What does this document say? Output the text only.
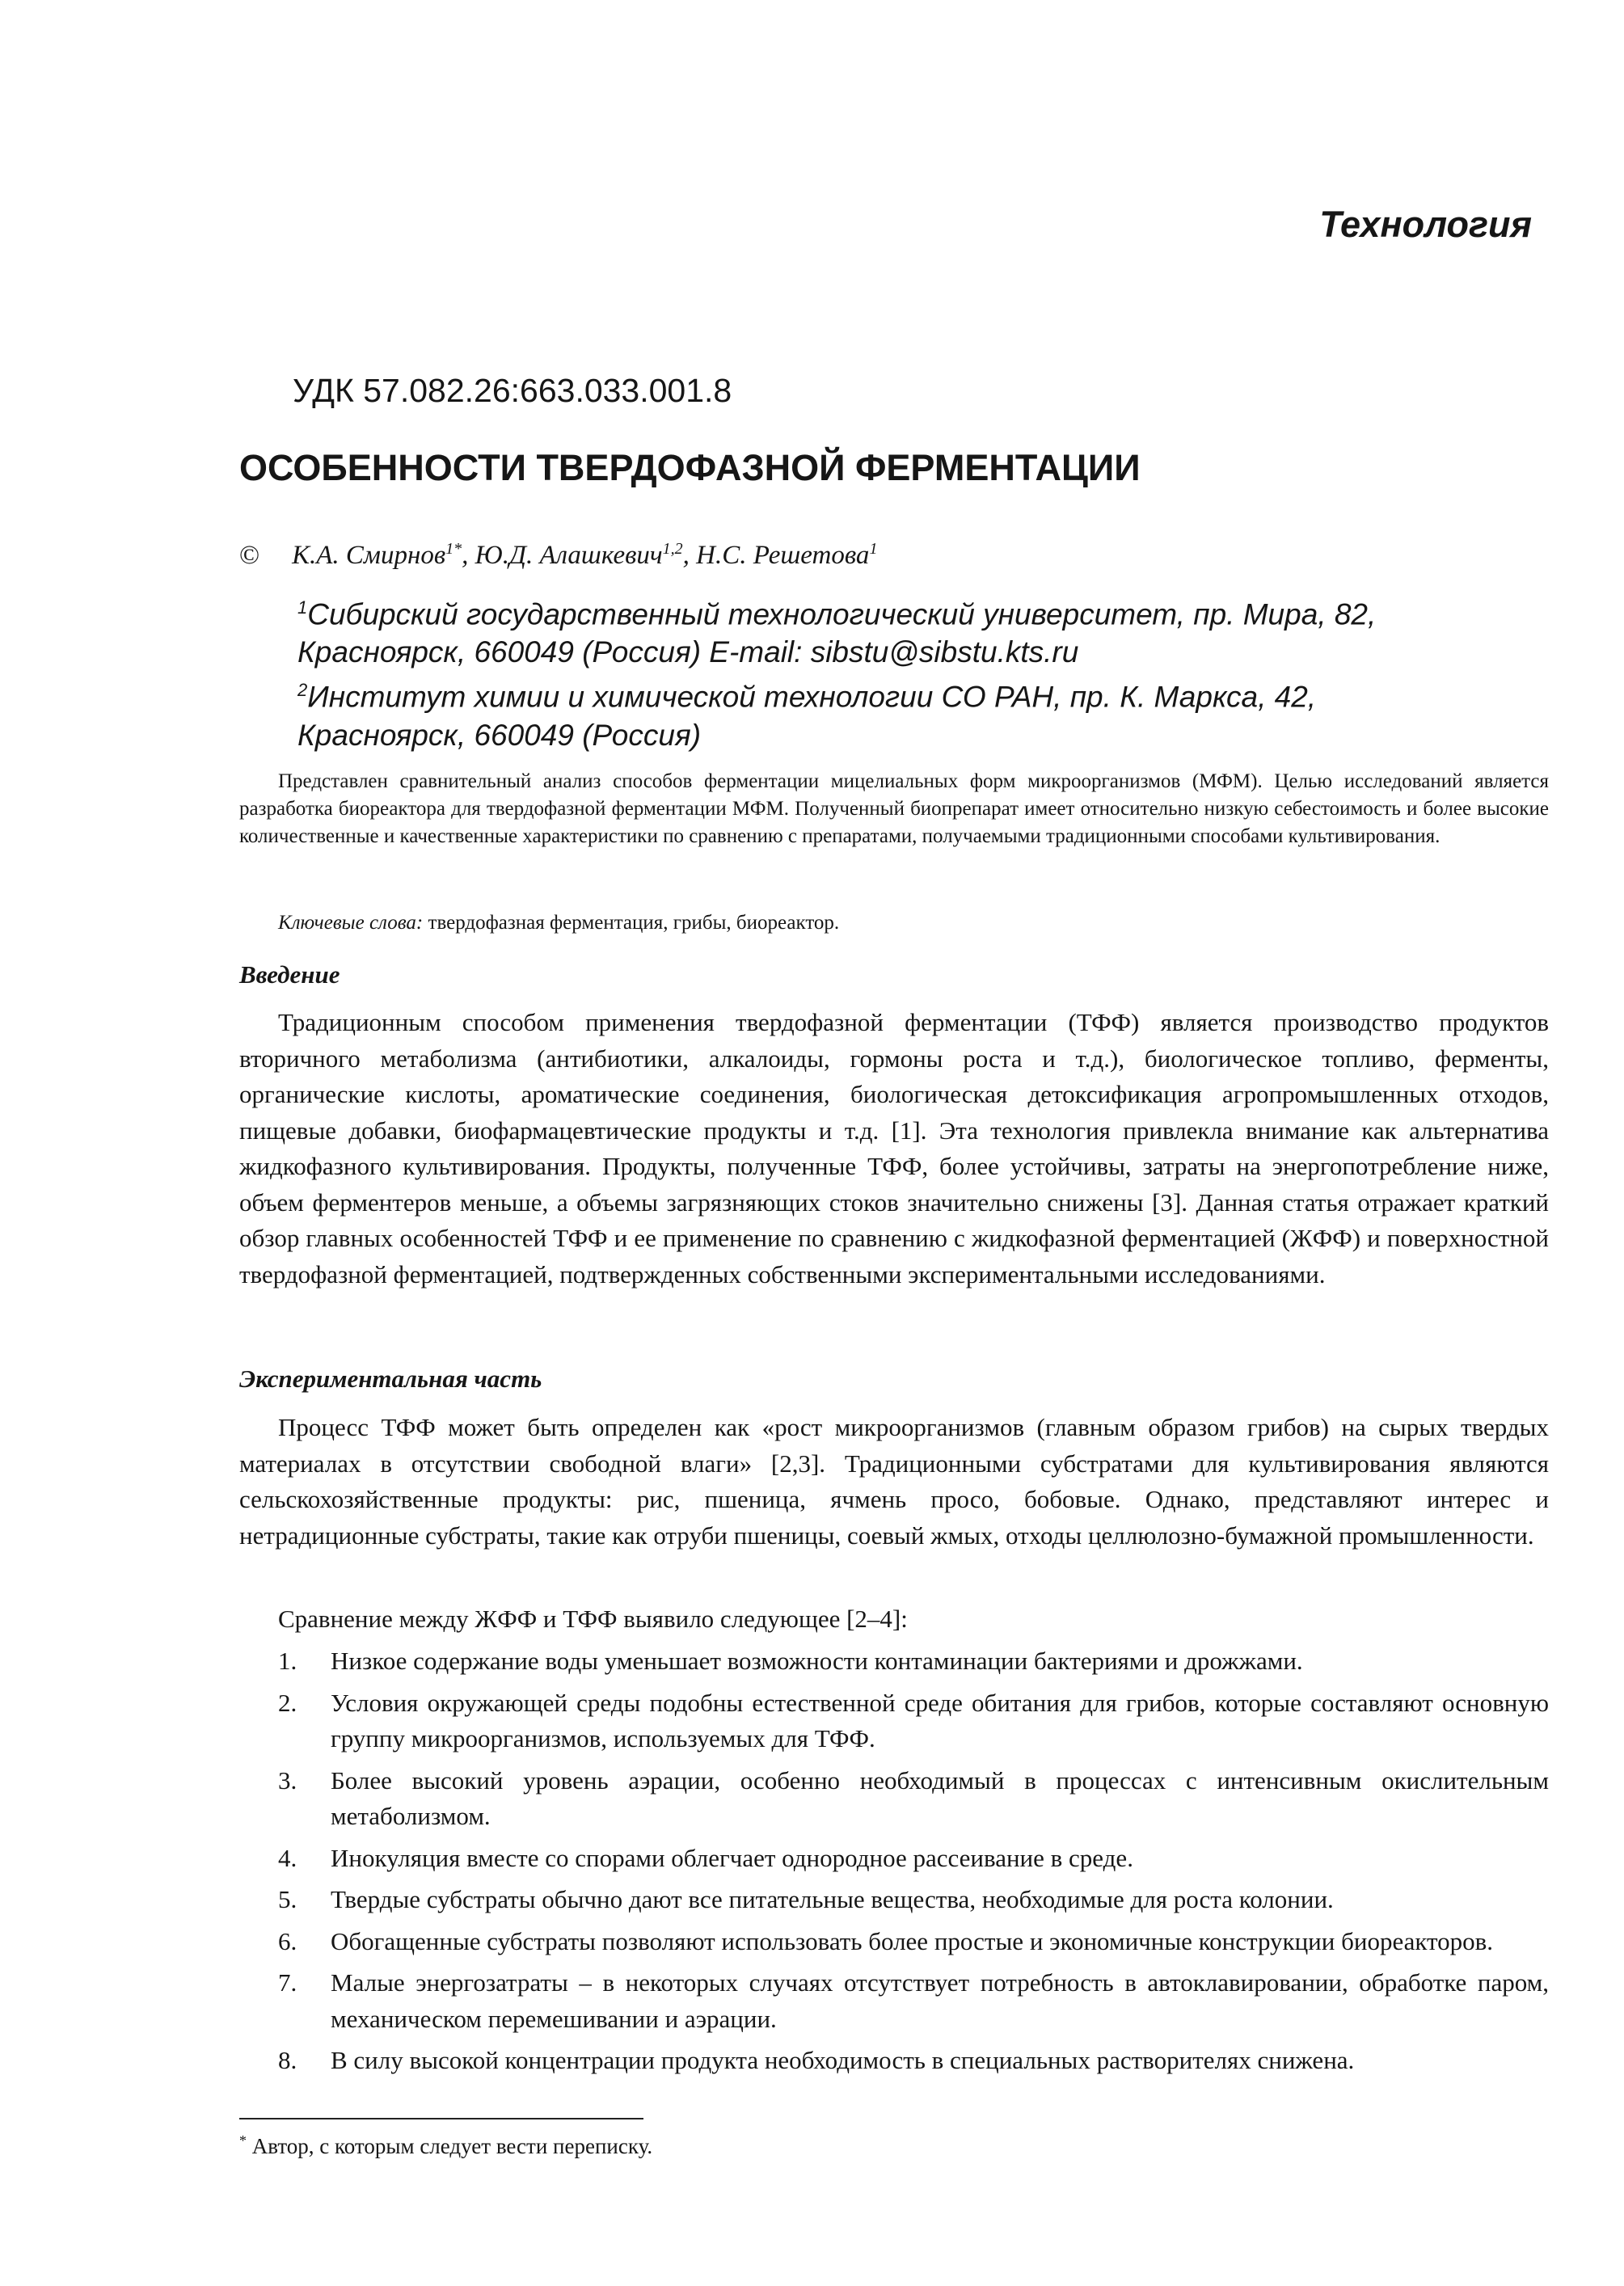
Технология

УДК 57.082.26:663.033.001.8

ОСОБЕННОСТИ ТВЕРДОФАЗНОЙ ФЕРМЕНТАЦИИ

© К.А. Смирнов$^{1*}$, Ю.Д. Алашкевич$^{1,2}$, Н.С. Решетова$^1$

$^1$Сибирский государственный технологический университет, пр. Мира, 82,
Красноярск, 660049 (Россия) E-mail: sibstu@sibstu.kts.ru
$^2$Институт химии и химической технологии СО РАН, пр. К. Маркса, 42,
Красноярск, 660049 (Россия)

Представлен сравнительный анализ способов ферментации мицелиальных форм микроорганизмов (МФМ). Целью исследований является разработка биореактора для твердофазной ферментации МФМ. Полученный биопрепарат имеет относительно низкую себестоимость и более высокие количественные и качественные характеристики по сравнению с препаратами, получаемыми традиционными способами культивирования.

Ключевые слова: твердофазная ферментация, грибы, биореактор.

Введение

Традиционным способом применения твердофазной ферментации (ТФФ) является производство продуктов вторичного метаболизма (антибиотики, алкалоиды, гормоны роста и т.д.), биологическое топливо, ферменты, органические кислоты, ароматические соединения, биологическая детоксификация агропромышленных отходов, пищевые добавки, биофармацевтические продукты и т.д. [1]. Эта технология привлекла внимание как альтернатива жидкофазного культивирования. Продукты, полученные ТФФ, более устойчивы, затраты на энергопотребление ниже, объем ферментеров меньше, а объемы загрязняющих стоков значительно снижены [3]. Данная статья отражает краткий обзор главных особенностей ТФФ и ее применение по сравнению с жидкофазной ферментацией (ЖФФ) и поверхностной твердофазной ферментацией, подтвержденных собственными экспериментальными исследованиями.

Экспериментальная часть

Процесс ТФФ может быть определен как «рост микроорганизмов (главным образом грибов) на сырых твердых материалах в отсутствии свободной влаги» [2,3]. Традиционными субстратами для культивирования являются сельскохозяйственные продукты: рис, пшеница, ячмень просо, бобовые. Однако, представляют интерес и нетрадиционные субстраты, такие как отруби пшеницы, соевый жмых, отходы целлюлозно-бумажной промышленности.

Сравнение между ЖФФ и ТФФ выявило следующее [2–4]:

1. Низкое содержание воды уменьшает возможности контаминации бактериями и дрожжами.
2. Условия окружающей среды подобны естественной среде обитания для грибов, которые составляют основную группу микроорганизмов, используемых для ТФФ.
3. Более высокий уровень аэрации, особенно необходимый в процессах с интенсивным окислительным метаболизмом.
4. Инокуляция вместе со спорами облегчает однородное рассеивание в среде.
5. Твердые субстраты обычно дают все питательные вещества, необходимые для роста колонии.
6. Обогащенные субстраты позволяют использовать более простые и экономичные конструкции биореакторов.
7. Малые энергозатраты – в некоторых случаях отсутствует потребность в автоклавировании, обработке паром, механическом перемешивании и аэрации.
8. В силу высокой концентрации продукта необходимость в специальных растворителях снижена.

* Автор, с которым следует вести переписку.
